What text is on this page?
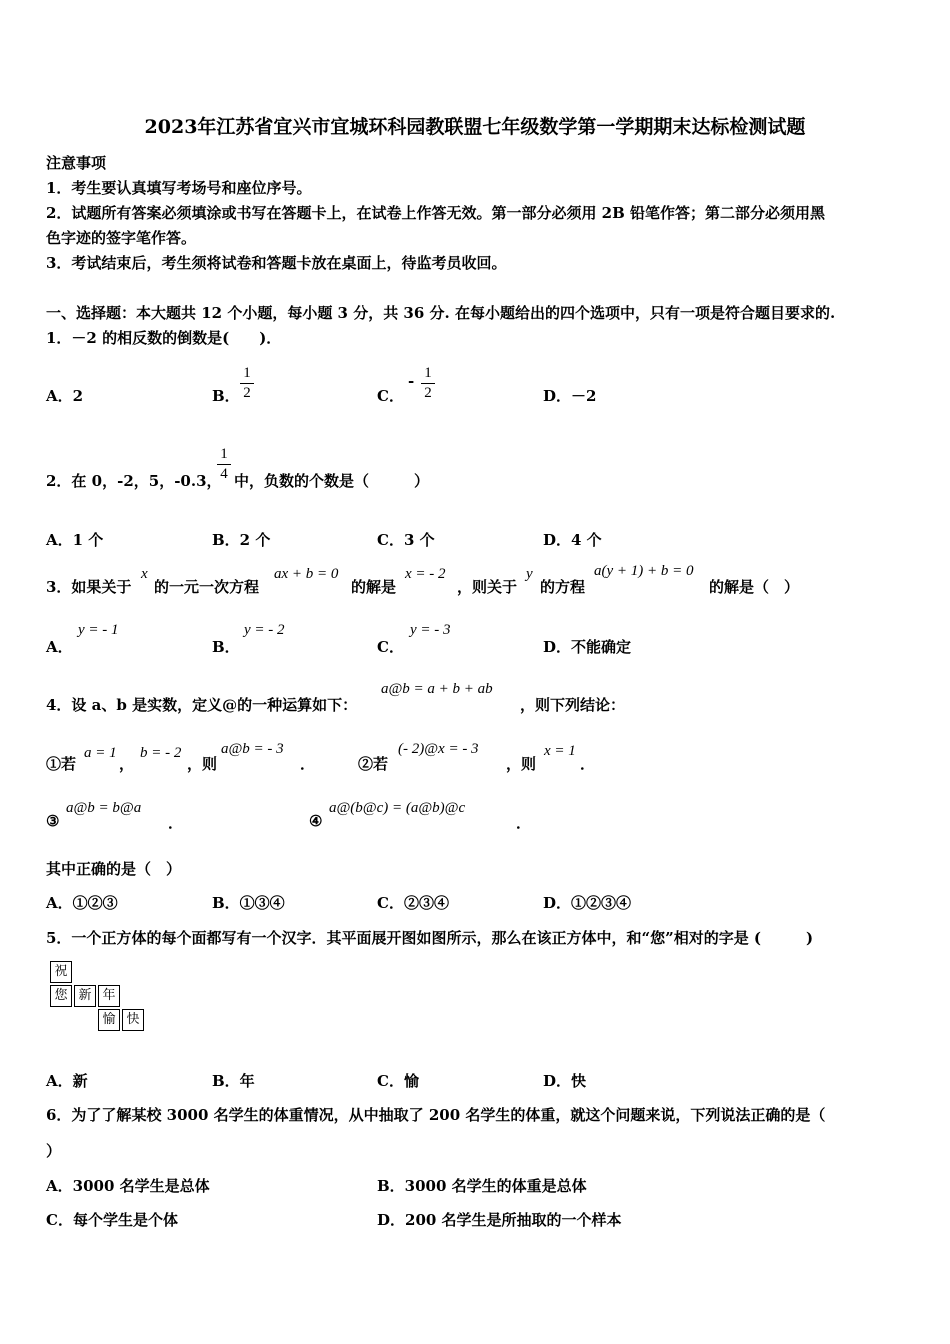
2023年江苏省宜兴市宜城环科园教联盟七年级数学第一学期期末达标检测试题
注意事项
1．考生要认真填写考场号和座位序号。
2．试题所有答案必须填涂或书写在答题卡上，在试卷上作答无效。第一部分必须用 2B 铅笔作答；第二部分必须用黑
色字迹的签字笔作答。
3．考试结束后，考生须将试卷和答题卡放在桌面上，待监考员收回。
一、选择题：本大题共 12 个小题，每小题 3 分，共 36 分. 在每小题给出的四个选项中，只有一项是符合题目要求的.
1．－2 的相反数的倒数是(　　)．
A．2	B．
1
2	C．
- 1
2	D．－2
2．在 0，-2，5，-0.3，
1
4 中，负数的个数是（　　　）
A．1 个	B．2 个	C．3 个	D．4 个
3．如果关于
x
的一元一次方程
ax + b = 0
的解是
x = - 2
，则关于
y
的方程
a(y + 1) + b = 0
的解是（　）
A．
y = - 1
B．
y = - 2
C．
y = - 3
D．不能确定
4．设 a、b 是实数，定义@的一种运算如下：
a@b = a + b + ab
，则下列结论：
①若
a = 1
，
b = - 2
，则
a@b = - 3
．	②若
(- 2)@x = - 3
，则
x = 1
．
③
a@b = b@a
．	④
a@(b@c) = (a@b)@c
．
其中正确的是（　）
A．①②③	B．①③④	C．②③④	D．①②③④
5．一个正方体的每个面都写有一个汉字．其平面展开图如图所示，那么在该正方体中，和“您”相对的字是 (　　　)
祝
您 新 年
愉 快
A．新	B．年	C．愉	D．快
6．为了了解某校 3000 名学生的体重情况，从中抽取了 200 名学生的体重，就这个问题来说，下列说法正确的是（
）
A．3000 名学生是总体	B．3000 名学生的体重是总体
C．每个学生是个体	D．200 名学生是所抽取的一个样本
